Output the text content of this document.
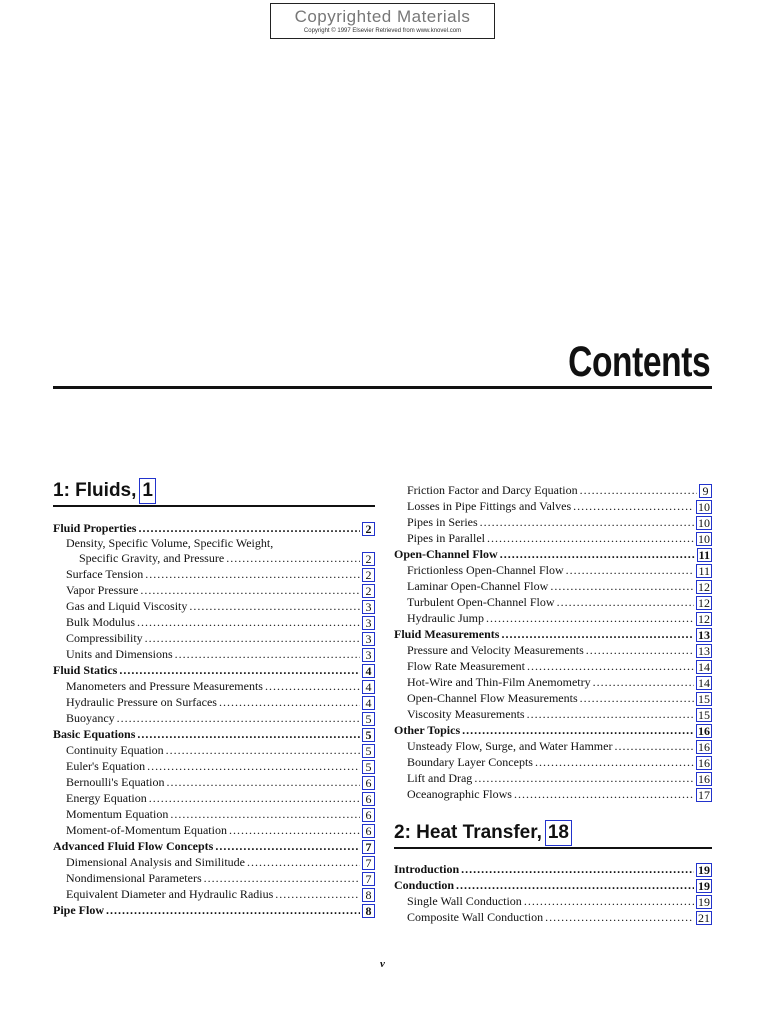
Copyrighted Materials
Copyright © 1997 Elsevier Retrieved from www.knovel.com
Contents
1: Fluids, 1
Fluid Properties .....	2
Density, Specific Volume, Specific Weight,
Specific Gravity, and Pressure .....	2
Surface Tension .....	2
Vapor Pressure .....	2
Gas and Liquid Viscosity .....	3
Bulk Modulus .....	3
Compressibility .....	3
Units and Dimensions .....	3
Fluid Statics .....	4
Manometers and Pressure Measurements .....	4
Hydraulic Pressure on Surfaces .....	4
Buoyancy .....	5
Basic Equations .....	5
Continuity Equation .....	5
Euler's Equation .....	5
Bernoulli's Equation .....	6
Energy Equation .....	6
Momentum Equation .....	6
Moment-of-Momentum Equation .....	6
Advanced Fluid Flow Concepts .....	7
Dimensional Analysis and Similitude .....	7
Nondimensional Parameters .....	7
Equivalent Diameter and Hydraulic Radius .....	8
Pipe Flow .....	8
Friction Factor and Darcy Equation .....	9
Losses in Pipe Fittings and Valves .....	10
Pipes in Series .....	10
Pipes in Parallel .....	10
Open-Channel Flow .....	11
Frictionless Open-Channel Flow .....	11
Laminar Open-Channel Flow .....	12
Turbulent Open-Channel Flow .....	12
Hydraulic Jump .....	12
Fluid Measurements .....	13
Pressure and Velocity Measurements .....	13
Flow Rate Measurement .....	14
Hot-Wire and Thin-Film Anemometry .....	14
Open-Channel Flow Measurements .....	15
Viscosity Measurements .....	15
Other Topics .....	16
Unsteady Flow, Surge, and Water Hammer .....	16
Boundary Layer Concepts .....	16
Lift and Drag .....	16
Oceanographic Flows .....	17
2: Heat Transfer, 18
Introduction .....	19
Conduction .....	19
Single Wall Conduction .....	19
Composite Wall Conduction .....	21
v
